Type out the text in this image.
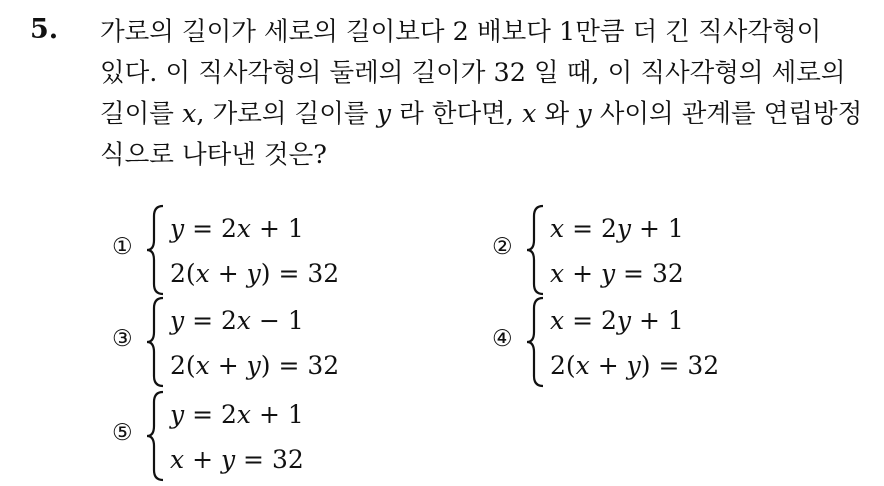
5. 가로의 길이가 세로의 길이보다 2 배보다 1만큼 더 긴 직사각형이
있다. 이 직사각형의 둘레의 길이가 32 일 때, 이 직사각형의 세로의
길이를 x, 가로의 길이를 y 라 한다면, x 와 y 사이의 관계를 연립방정
식으로 나타낸 것은?
①
y = 2x + 1
2(x + y) = 32
②
x = 2y + 1
x + y = 32
③
y = 2x − 1
2(x + y) = 32
④
x = 2y + 1
2(x + y) = 32
⑤
y = 2x + 1
x + y = 32
